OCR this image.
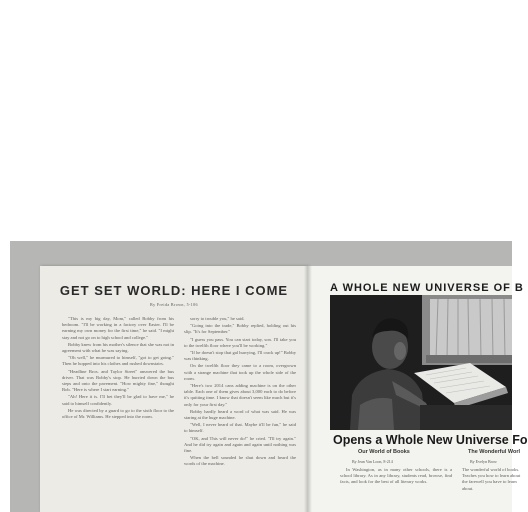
GET SET WORLD: HERE I COME
By Freida Brown, 5-106

"This is my big day, Mom," called Bobby from his bedroom. "I'll be working in a factory over Easter. I'll be earning my own money for the first time," he said. "I might stay and not go on to high school and college."

Bobby knew from his mother's silence that she was not in agreement with what he was saying.

"Oh well," he murmured to himself, "got to get going." Then he hopped into his clothes and rushed downstairs.

"Headline Bros. and Taylor Street" answered the bus driver. That was Bobby's stop. He hurried down the bus steps and onto the pavement. "How mighty fine," thought Bob. "Here is where I start earning."

"Ah! Here it is. I'll bet they'll be glad to have me," he said to himself confidently.

He was directed by a guard to go to the sixth floor to the office of Mr. Williams. He stepped into the room.

sorry to trouble you," he said.

"Going into the trade," Bobby replied, holding out his slip. "It's for September."

"I guess you pass. You can start today, son. I'll take you to the twelfth floor where you'll be working."

"If he doesn't stop that gal hurrying, I'll crack up!" Bobby was thinking.

On the twelfth floor they came to a room, overgrown with a strange machine that took up the whole side of the room.

"Here's two 2014 cans adding machine is on the other table. Each one of them gives about 3,000 each to do before it's quitting time. I know that doesn't seem like much but it's only for your first day."

Bobby hardly heard a word of what was said. He was staring at the huge machine.

"Well, I never heard of that. Maybe it'll be fun," he said to himself.

"OK, and This will never do!" he cried. "I'll try again." And he did try again and again and again until nothing was fine.

When the bell sounded he shut down and heard the words of the machine.

A WHOLE NEW UNIVERSE OF B
Opens a Whole New Universe Fo
Our World of Books
By Jean Van Loon, 8-214

In Washington, as in many other schools, there is a school library. As in any library, students read, browse, find facts, and look for the best of all literary works.

The Wonderful Worl
By Evelyn Brow

The wonderful world of books. Teaches you how to learn about the farewell you have to learn about.
